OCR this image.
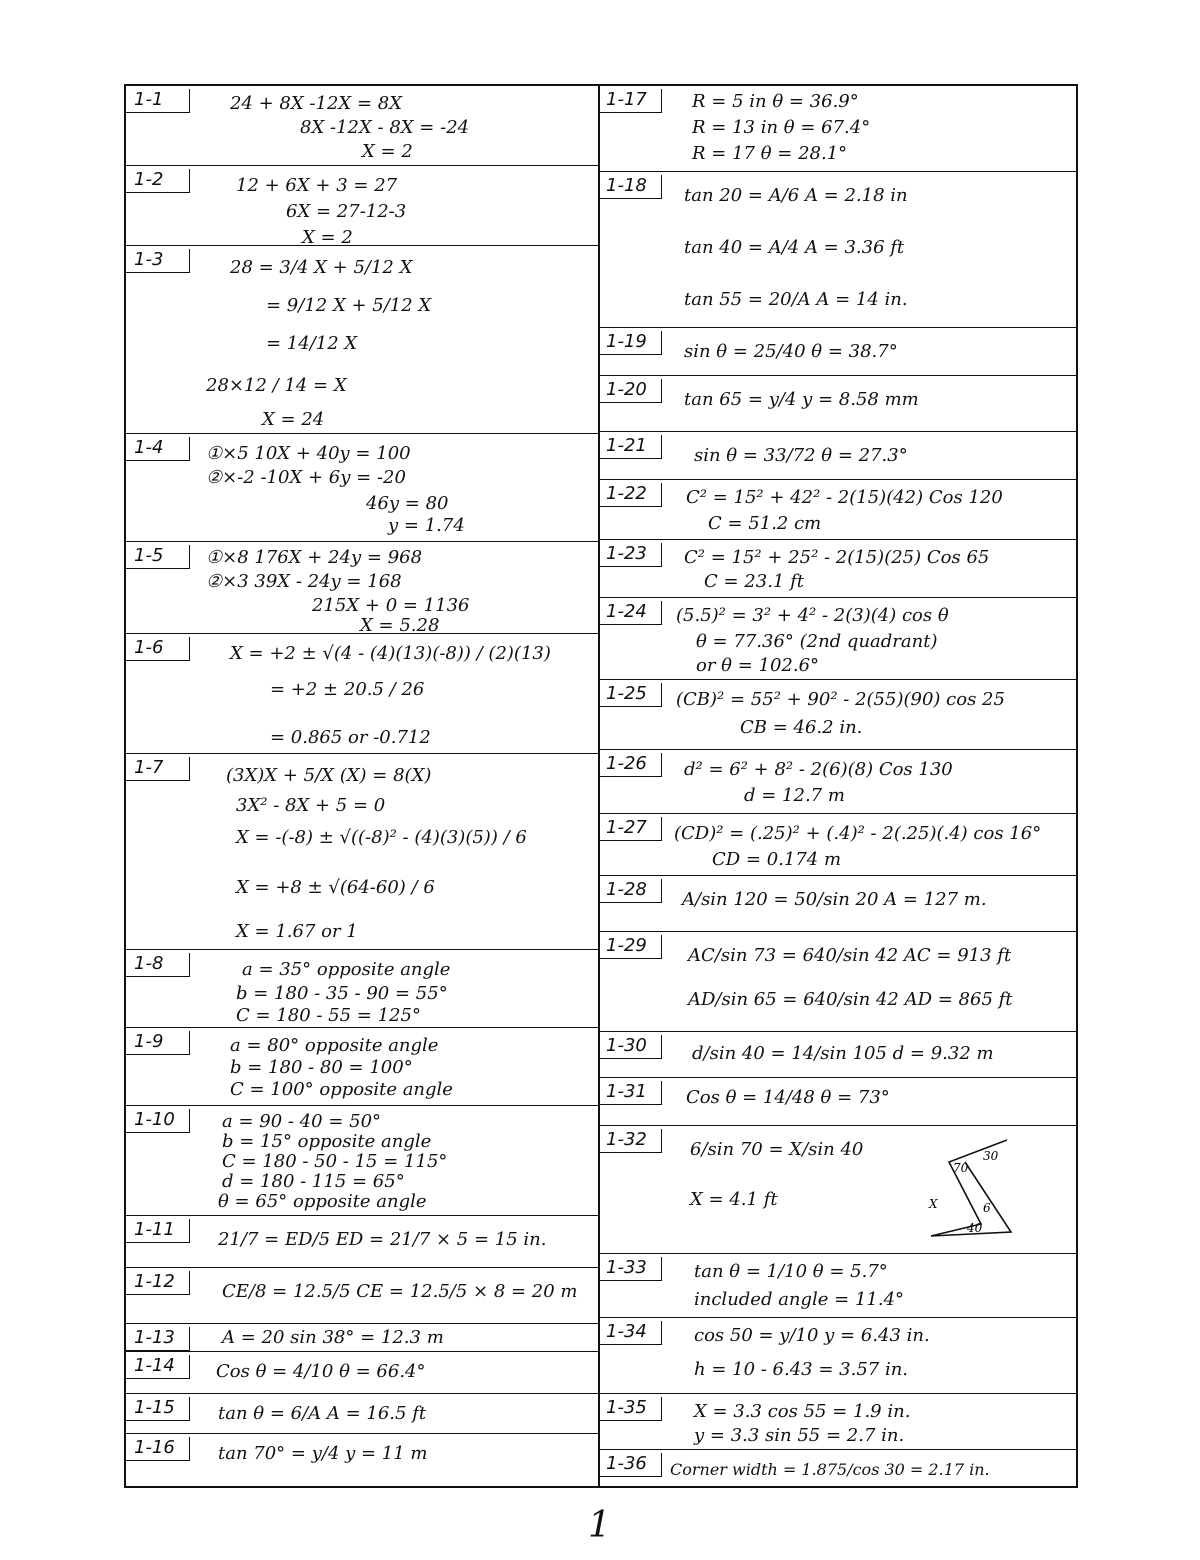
1-1	24 + 8X -12X = 8X
8X -12X - 8X = -24
X = 2
1-2	12 + 6X + 3 = 27
6X = 27-12-3
X = 2
1-3	28 = 3/4 X + 5/12 X
= 9/12 X + 5/12 X
= 14/12 X
28×12 / 14 = X
X = 24
1-4	①×5 10X + 40y = 100
②×-2 -10X + 6y = -20
46y = 80
y = 1.74
1-5	①×8 176X + 24y = 968
②×3 39X - 24y = 168
215X + 0 = 1136
X = 5.28
1-6	X = +2 ± √(4 - (4)(13)(-8)) / (2)(13)
= +2 ± 20.5 / 26
= 0.865 or -0.712
1-7	(3X)X + 5/X (X) = 8(X)
3X² - 8X + 5 = 0
X = -(-8) ± √((-8)² - (4)(3)(5)) / 6
X = +8 ± √(64-60) / 6
X = 1.67 or 1
1-8	a = 35° opposite angle
b = 180 - 35 - 90 = 55°
C = 180 - 55 = 125°
1-9	a = 80° opposite angle
b = 180 - 80 = 100°
C = 100° opposite angle
1-10	a = 90 - 40 = 50°
b = 15° opposite angle
C = 180 - 50 - 15 = 115°
d = 180 - 115 = 65°
θ = 65° opposite angle
1-11	21/7 = ED/5 ED = 21/7 × 5 = 15 in.
1-12	CE/8 = 12.5/5 CE = 12.5/5 × 8 = 20 m
1-13	A = 20 sin 38° = 12.3 m
1-14	Cos θ = 4/10 θ = 66.4°
1-15	tan θ = 6/A A = 16.5 ft
1-16	tan 70° = y/4 y = 11 m
1-17	R = 5 in θ = 36.9°
R = 13 in θ = 67.4°
R = 17 θ = 28.1°
1-18	tan 20 = A/6 A = 2.18 in
tan 40 = A/4 A = 3.36 ft
tan 55 = 20/A A = 14 in.
1-19	sin θ = 25/40 θ = 38.7°
1-20	tan 65 = y/4 y = 8.58 mm
1-21	sin θ = 33/72 θ = 27.3°
1-22	C² = 15² + 42² - 2(15)(42) Cos 120
C = 51.2 cm
1-23	C² = 15² + 25² - 2(15)(25) Cos 65
C = 23.1 ft
1-24	(5.5)² = 3² + 4² - 2(3)(4) cos θ
θ = 77.36° (2nd quadrant)
or θ = 102.6°
1-25	(CB)² = 55² + 90² - 2(55)(90) cos 25
CB = 46.2 in.
1-26	d² = 6² + 8² - 2(6)(8) Cos 130
d = 12.7 m
1-27	(CD)² = (.25)² + (.4)² - 2(.25)(.4) cos 16°
CD = 0.174 m
1-28	A/sin 120 = 50/sin 20 A = 127 m.
1-29	AC/sin 73 = 640/sin 42 AC = 913 ft
AD/sin 65 = 640/sin 42 AD = 865 ft
1-30	d/sin 40 = 14/sin 105 d = 9.32 m
1-31	Cos θ = 14/48 θ = 73°
1-32	6/sin 70 = X/sin 40
X = 4.1 ft
70
30
X	6
40
1-33	tan θ = 1/10 θ = 5.7°
included angle = 11.4°
1-34	cos 50 = y/10 y = 6.43 in.
h = 10 - 6.43 = 3.57 in.
1-35	X = 3.3 cos 55 = 1.9 in.
y = 3.3 sin 55 = 2.7 in.
1-36	Corner width = 1.875/cos 30 = 2.17 in.
1
